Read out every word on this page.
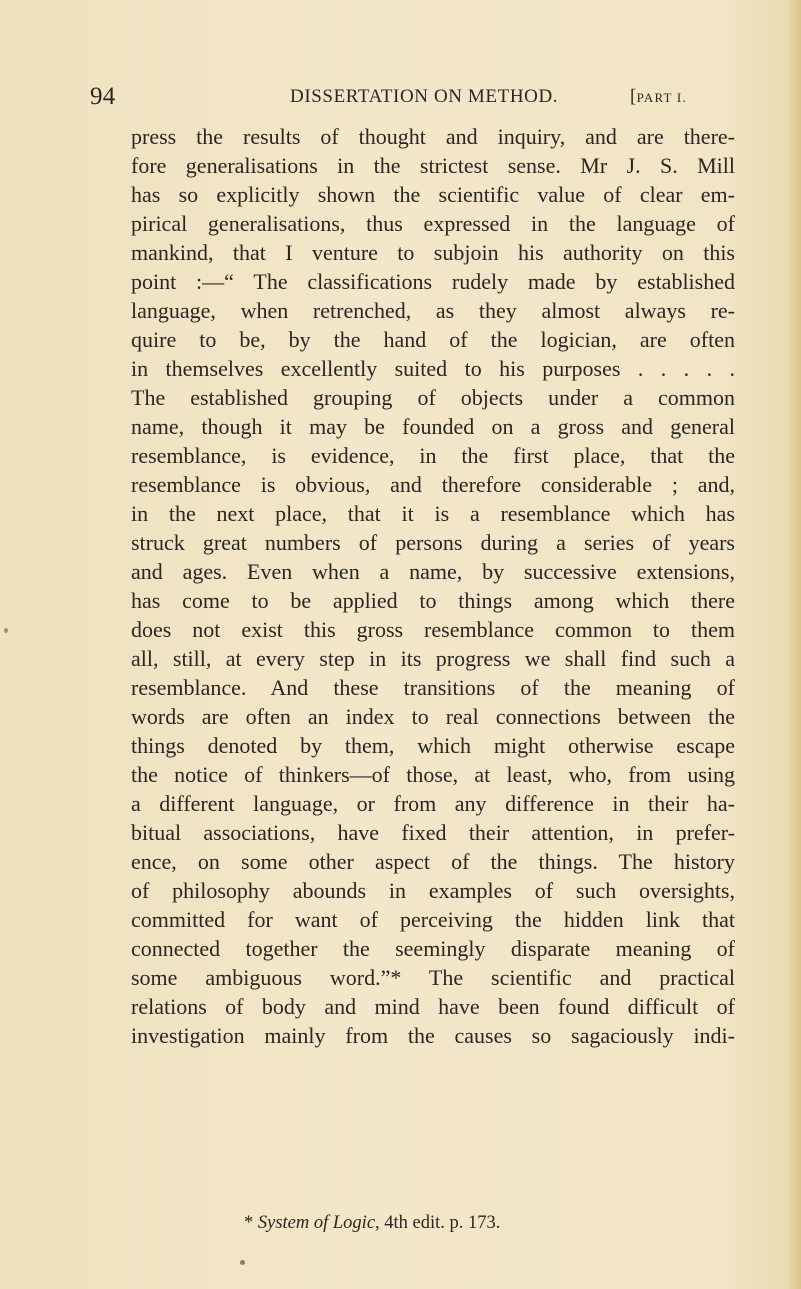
94	DISSERTATION ON METHOD.	[PART I.
press the results of thought and inquiry, and are there-
fore generalisations in the strictest sense. Mr J. S. Mill
has so explicitly shown the scientific value of clear em-
pirical generalisations, thus expressed in the language of
mankind, that I venture to subjoin his authority on this
point :—“ The classifications rudely made by established
language, when retrenched, as they almost always re-
quire to be, by the hand of the logician, are often
in themselves excellently suited to his purposes . . . . .
The established grouping of objects under a common
name, though it may be founded on a gross and general
resemblance, is evidence, in the first place, that the
resemblance is obvious, and therefore considerable ; and,
in the next place, that it is a resemblance which has
struck great numbers of persons during a series of years
and ages. Even when a name, by successive extensions,
has come to be applied to things among which there
does not exist this gross resemblance common to them
all, still, at every step in its progress we shall find such a
resemblance. And these transitions of the meaning of
words are often an index to real connections between the
things denoted by them, which might otherwise escape
the notice of thinkers—of those, at least, who, from using
a different language, or from any difference in their ha-
bitual associations, have fixed their attention, in prefer-
ence, on some other aspect of the things. The history
of philosophy abounds in examples of such oversights,
committed for want of perceiving the hidden link that
connected together the seemingly disparate meaning of
some ambiguous word.”* The scientific and practical
relations of body and mind have been found difficult of
investigation mainly from the causes so sagaciously indi-
* System of Logic, 4th edit. p. 173.
